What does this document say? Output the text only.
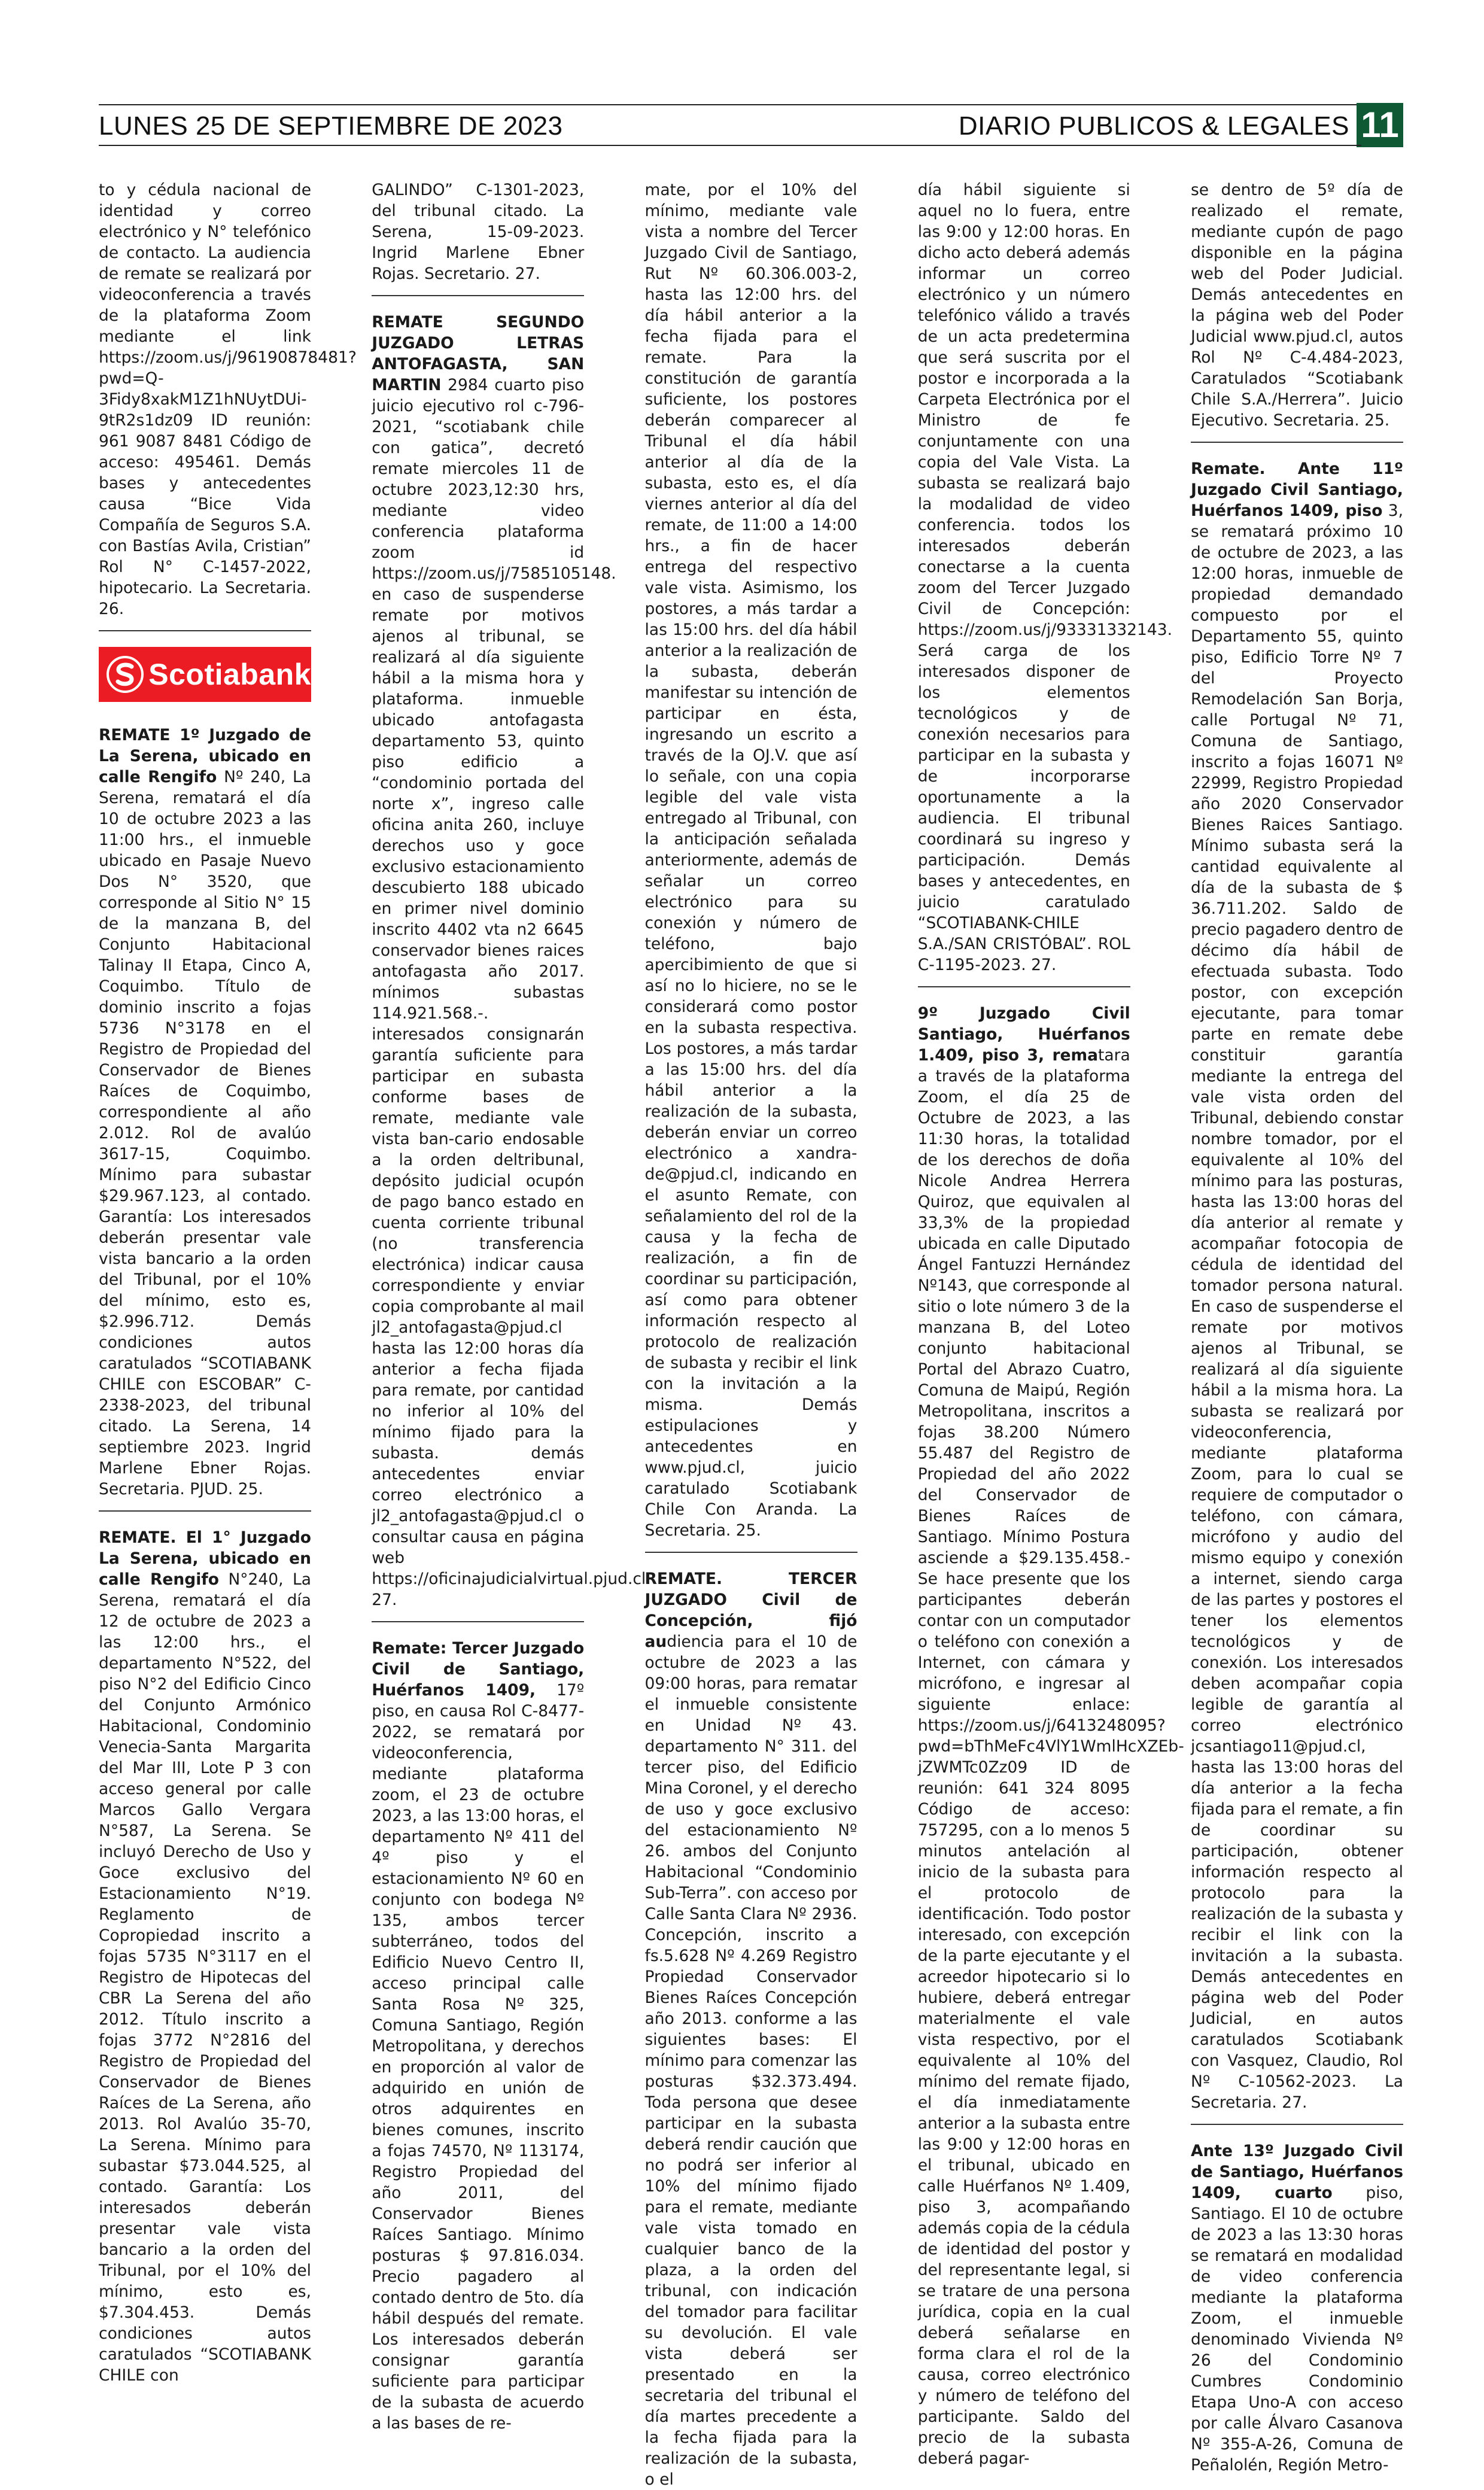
LUNES 25 DE SEPTIEMBRE DE 2023	DIARIO PUBLICOS & LEGALES 11
to y cédula nacional de identidad y correo electrónico y N° telefónico de contacto. La audiencia de remate se realizará por videoconferencia a través de la plataforma Zoom mediante el link https://zoom.us/j/96190878481?pwd=Q-3Fidy8xakM1Z1hNUytDUi-9tR2s1dz09 ID reunión: 961 9087 8481 Código de acceso: 495461. Demás bases y antecedentes causa “Bice Vida Compañía de Seguros S.A. con Bastías Avila, Cristian” Rol N° C-1457-2022, hipotecario. La Secretaria. 26.
Scotiabank
REMATE 1º Juzgado de La Serena, ubicado en calle Rengifo Nº 240, La Serena, rematará el día 10 de octubre 2023 a las 11:00 hrs., el inmueble ubicado en Pasaje Nuevo Dos N° 3520, que corresponde al Sitio N° 15 de la manzana B, del Conjunto Habitacional Talinay II Etapa, Cinco A, Coquimbo. Título de dominio inscrito a fojas 5736 N°3178 en el Registro de Propiedad del Conservador de Bienes Raíces de Coquimbo, correspondiente al año 2.012. Rol de avalúo 3617-15, Coquimbo. Mínimo para subastar $29.967.123, al contado. Garantía: Los interesados deberán presentar vale vista bancario a la orden del Tribunal, por el 10% del mínimo, esto es, $2.996.712. Demás condiciones autos caratulados “SCOTIABANK CHILE con ESCOBAR” C-2338-2023, del tribunal citado. La Serena, 14 septiembre 2023. Ingrid Marlene Ebner Rojas. Secretaria. PJUD. 25.
REMATE. El 1° Juzgado La Serena, ubicado en calle Rengifo N°240, La Serena, rematará el día 12 de octubre de 2023 a las 12:00 hrs., el departamento N°522, del piso N°2 del Edificio Cinco del Conjunto Armónico Habitacional, Condominio Venecia-Santa Margarita del Mar III, Lote P 3 con acceso general por calle Marcos Gallo Vergara N°587, La Serena. Se incluyó Derecho de Uso y Goce exclusivo del Estacionamiento N°19. Reglamento de Copropiedad inscrito a fojas 5735 N°3117 en el Registro de Hipotecas del CBR La Serena del año 2012. Título inscrito a fojas 3772 N°2816 del Registro de Propiedad del Conservador de Bienes Raíces de La Serena, año 2013. Rol Avalúo 35-70, La Serena. Mínimo para subastar $73.044.525, al contado. Garantía: Los interesados deberán presentar vale vista bancario a la orden del Tribunal, por el 10% del mínimo, esto es, $7.304.453. Demás condiciones autos caratulados “SCOTIABANK CHILE con
GALINDO” C-1301-2023, del tribunal citado. La Serena, 15-09-2023. Ingrid Marlene Ebner Rojas. Secretario. 27.
REMATE SEGUNDO JUZGADO LETRAS ANTOFAGASTA, SAN MARTIN 2984 cuarto piso juicio ejecutivo rol c-796-2021, “scotiabank chile con gatica”, decretó remate miercoles 11 de octubre 2023,12:30 hrs, mediante video conferencia plataforma zoom id https://zoom.us/j/7585105148. en caso de suspenderse remate por motivos ajenos al tribunal, se realizará al día siguiente hábil a la misma hora y plataforma. inmueble ubicado antofagasta departamento 53, quinto piso edificio a “condominio portada del norte x”, ingreso calle oficina anita 260, incluye derechos uso y goce exclusivo estacionamiento descubierto 188 ubicado en primer nivel dominio inscrito 4402 vta n2 6645 conservador bienes raices antofagasta año 2017. mínimos subastas 114.921.568.-. interesados consignarán garantía suficiente para participar en subasta conforme bases de remate, mediante vale vista ban-cario endosable a la orden deltribunal, depósito judicial ocupón de pago banco estado en cuenta corriente tribunal (no transferencia electrónica) indicar causa correspondiente y enviar copia comprobante al mail jl2_antofagasta@pjud.cl hasta las 12:00 horas día anterior a fecha fijada para remate, por cantidad no inferior al 10% del mínimo fijado para la subasta. demás antecedentes enviar correo electrónico a jl2_antofagasta@pjud.cl o consultar causa en página web https://oficinajudicialvirtual.pjud.cl. 27.
Remate: Tercer Juzgado Civil de Santiago, Huérfanos 1409, 17º piso, en causa Rol C-8477-2022, se rematará por videoconferencia, mediante plataforma zoom, el 23 de octubre 2023, a las 13:00 horas, el departamento Nº 411 del 4º piso y el estacionamiento Nº 60 en conjunto con bodega Nº 135, ambos tercer subterráneo, todos del Edificio Nuevo Centro II, acceso principal calle Santa Rosa Nº 325, Comuna Santiago, Región Metropolitana, y derechos en proporción al valor de adquirido en unión de otros adquirentes en bienes comunes, inscrito a fojas 74570, Nº 113174, Registro Propiedad del año 2011, del Conservador Bienes Raíces Santiago. Mínimo posturas $ 97.816.034. Precio pagadero al contado dentro de 5to. día hábil después del remate. Los interesados deberán consignar garantía suficiente para participar de la subasta de acuerdo a las bases de re-
mate, por el 10% del mínimo, mediante vale vista a nombre del Tercer Juzgado Civil de Santiago, Rut Nº 60.306.003-2, hasta las 12:00 hrs. del día hábil anterior a la fecha fijada para el remate. Para la constitución de garantía suficiente, los postores deberán comparecer al Tribunal el día hábil anterior al día de la subasta, esto es, el día viernes anterior al día del remate, de 11:00 a 14:00 hrs., a fin de hacer entrega del respectivo vale vista. Asimismo, los postores, a más tardar a las 15:00 hrs. del día hábil anterior a la realización de la subasta, deberán manifestar su intención de participar en ésta, ingresando un escrito a través de la OJ.V. que así lo señale, con una copia legible del vale vista entregado al Tribunal, con la anticipación señalada anteriormente, además de señalar un correo electrónico para su conexión y número de teléfono, bajo apercibimiento de que si así no lo hiciere, no se le considerará como postor en la subasta respectiva. Los postores, a más tardar a las 15:00 hrs. del día hábil anterior a la realización de la subasta, deberán enviar un correo electrónico a xandra-de@pjud.cl, indicando en el asunto Remate, con señalamiento del rol de la causa y la fecha de realización, a fin de coordinar su participación, así como para obtener información respecto al protocolo de realización de subasta y recibir el link con la invitación a la misma. Demás estipulaciones y antecedentes en www.pjud.cl, juicio caratulado Scotiabank Chile Con Aranda. La Secretaria. 25.
REMATE. TERCER JUZGADO Civil de Concepción, fijó audiencia para el 10 de octubre de 2023 a las 09:00 horas, para rematar el inmueble consistente en Unidad Nº 43. departamento N° 311. del tercer piso, del Edificio Mina Coronel, y el derecho de uso y goce exclusivo del estacionamiento Nº 26. ambos del Conjunto Habitacional “Condominio Sub-Terra”. con acceso por Calle Santa Clara Nº 2936. Concepción, inscrito a fs.5.628 Nº 4.269 Registro Propiedad Conservador Bienes Raíces Concepción año 2013. conforme a las siguientes bases: El mínimo para comenzar las posturas $32.373.494. Toda persona que desee participar en la subasta deberá rendir caución que no podrá ser inferior al 10% del mínimo fijado para el remate, mediante vale vista tomado en cualquier banco de la plaza, a la orden del tribunal, con indicación del tomador para facilitar su devolución. El vale vista deberá ser presentado en la secretaria del tribunal el día martes precedente a la fecha fijada para la realización de la subasta, o el
día hábil siguiente si aquel no lo fuera, entre las 9:00 y 12:00 horas. En dicho acto deberá además informar un correo electrónico y un número telefónico válido a través de un acta predetermina que será suscrita por el postor e incorporada a la Carpeta Electrónica por el Ministro de fe conjuntamente con una copia del Vale Vista. La subasta se realizará bajo la modalidad de video conferencia. todos los interesados deberán conectarse a la cuenta zoom del Tercer Juzgado Civil de Concepción: https://zoom.us/j/93331332143. Será carga de los interesados disponer de los elementos tecnológicos y de conexión necesarios para participar en la subasta y de incorporarse oportunamente a la audiencia. El tribunal coordinará su ingreso y participación. Demás bases y antecedentes, en juicio caratulado “SCOTIABANK-CHILE S.A./SAN CRISTÓBAL”. ROL C-1195-2023. 27.
9º Juzgado Civil Santiago, Huérfanos 1.409, piso 3, rematara a través de la plataforma Zoom, el día 25 de Octubre de 2023, a las 11:30 horas, la totalidad de los derechos de doña Nicole Andrea Herrera Quiroz, que equivalen al 33,3% de la propiedad ubicada en calle Diputado Ángel Fantuzzi Hernández Nº143, que corresponde al sitio o lote número 3 de la manzana B, del Loteo conjunto habitacional Portal del Abrazo Cuatro, Comuna de Maipú, Región Metropolitana, inscritos a fojas 38.200 Número 55.487 del Registro de Propiedad del año 2022 del Conservador de Bienes Raíces de Santiago. Mínimo Postura asciende a $29.135.458.- Se hace presente que los participantes deberán contar con un computador o teléfono con conexión a Internet, con cámara y micrófono, e ingresar al siguiente enlace: https://zoom.us/j/6413248095?pwd=bThMeFc4VlY1WmlHcXZEb-jZWMTc0Zz09 ID de reunión: 641 324 8095 Código de acceso: 757295, con a lo menos 5 minutos antelación al inicio de la subasta para el protocolo de identificación. Todo postor interesado, con excepción de la parte ejecutante y el acreedor hipotecario si lo hubiere, deberá entregar materialmente el vale vista respectivo, por el equivalente al 10% del mínimo del remate fijado, el día inmediatamente anterior a la subasta entre las 9:00 y 12:00 horas en el tribunal, ubicado en calle Huérfanos Nº 1.409, piso 3, acompañando además copia de la cédula de identidad del postor y del representante legal, si se tratare de una persona jurídica, copia en la cual deberá señalarse en forma clara el rol de la causa, correo electrónico y número de teléfono del participante. Saldo del precio de la subasta deberá pagar-
se dentro de 5º día de realizado el remate, mediante cupón de pago disponible en la página web del Poder Judicial. Demás antecedentes en la página web del Poder Judicial www.pjud.cl, autos Rol Nº C-4.484-2023, Caratulados “Scotiabank Chile S.A./Herrera”. Juicio Ejecutivo. Secretaria. 25.
Remate. Ante 11º Juzgado Civil Santiago, Huérfanos 1409, piso 3, se rematará próximo 10 de octubre de 2023, a las 12:00 horas, inmueble de propiedad demandado compuesto por el Departamento 55, quinto piso, Edificio Torre Nº 7 del Proyecto Remodelación San Borja, calle Portugal Nº 71, Comuna de Santiago, inscrito a fojas 16071 Nº 22999, Registro Propiedad año 2020 Conservador Bienes Raices Santiago. Mínimo subasta será la cantidad equivalente al día de la subasta de $ 36.711.202. Saldo de precio pagadero dentro de décimo día hábil de efectuada subasta. Todo postor, con excepción ejecutante, para tomar parte en remate debe constituir garantía mediante la entrega del vale vista orden del Tribunal, debiendo constar nombre tomador, por el equivalente al 10% del mínimo para las posturas, hasta las 13:00 horas del día anterior al remate y acompañar fotocopia de cédula de identidad del tomador persona natural. En caso de suspenderse el remate por motivos ajenos al Tribunal, se realizará al día siguiente hábil a la misma hora. La subasta se realizará por videoconferencia, mediante plataforma Zoom, para lo cual se requiere de computador o teléfono, con cámara, micrófono y audio del mismo equipo y conexión a internet, siendo carga de las partes y postores el tener los elementos tecnológicos y de conexión. Los interesados deben acompañar copia legible de garantía al correo electrónico jcsantiago11@pjud.cl, hasta las 13:00 horas del día anterior a la fecha fijada para el remate, a fin de coordinar su participación, obtener información respecto al protocolo para la realización de la subasta y recibir el link con la invitación a la subasta. Demás antecedentes en página web del Poder Judicial, en autos caratulados Scotiabank con Vasquez, Claudio, Rol Nº C-10562-2023. La Secretaria. 27.
Ante 13º Juzgado Civil de Santiago, Huérfanos 1409, cuarto piso, Santiago. El 10 de octubre de 2023 a las 13:30 horas se rematará en modalidad de video conferencia mediante la plataforma Zoom, el inmueble denominado Vivienda Nº 26 del Condominio Cumbres Condominio Etapa Uno-A con acceso por calle Álvaro Casanova Nº 355-A-26, Comuna de Peñalolén, Región Metro-
